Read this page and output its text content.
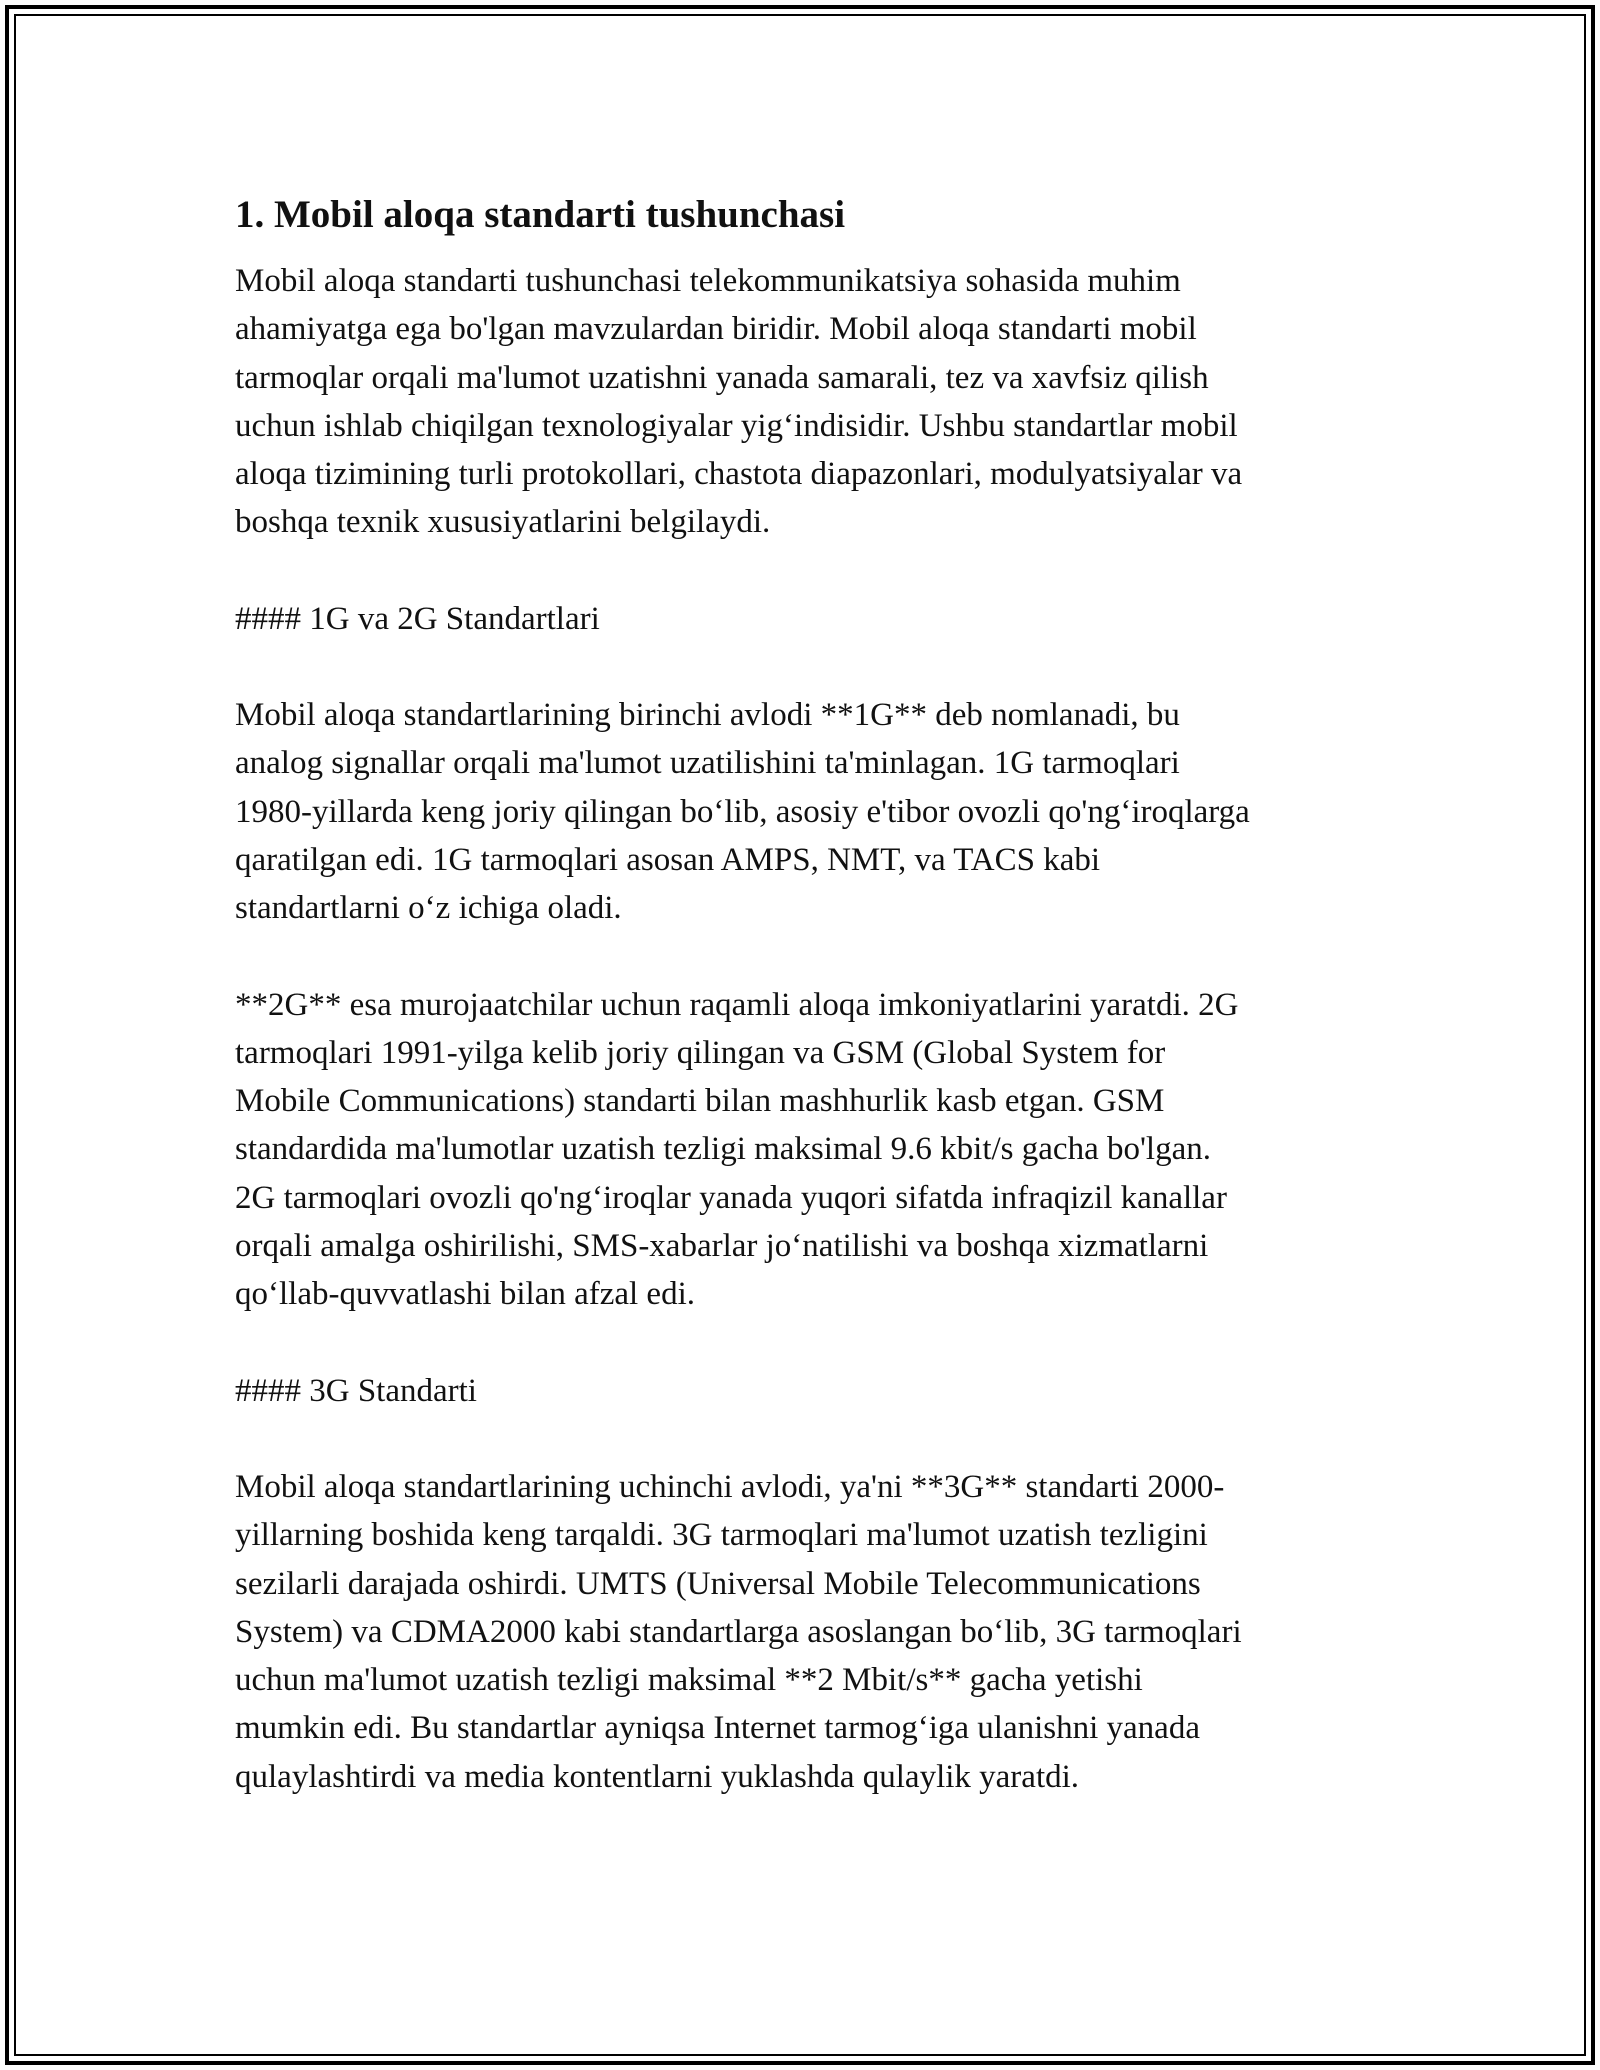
1. Mobil aloqa standarti tushunchasi
Mobil aloqa standarti tushunchasi telekommunikatsiya sohasida muhim
ahamiyatga ega bo'lgan mavzulardan biridir. Mobil aloqa standarti mobil
tarmoqlar orqali ma'lumot uzatishni yanada samarali, tez va xavfsiz qilish
uchun ishlab chiqilgan texnologiyalar yig‘indisidir. Ushbu standartlar mobil
aloqa tizimining turli protokollari, chastota diapazonlari, modulyatsiyalar va
boshqa texnik xususiyatlarini belgilaydi.
#### 1G va 2G Standartlari
Mobil aloqa standartlarining birinchi avlodi **1G** deb nomlanadi, bu
analog signallar orqali ma'lumot uzatilishini ta'minlagan. 1G tarmoqlari
1980-yillarda keng joriy qilingan bo‘lib, asosiy e'tibor ovozli qo'ng‘iroqlarga
qaratilgan edi. 1G tarmoqlari asosan AMPS, NMT, va TACS kabi
standartlarni o‘z ichiga oladi.
**2G** esa murojaatchilar uchun raqamli aloqa imkoniyatlarini yaratdi. 2G
tarmoqlari 1991-yilga kelib joriy qilingan va GSM (Global System for
Mobile Communications) standarti bilan mashhurlik kasb etgan. GSM
standardida ma'lumotlar uzatish tezligi maksimal 9.6 kbit/s gacha bo'lgan.
2G tarmoqlari ovozli qo'ng‘iroqlar yanada yuqori sifatda infraqizil kanallar
orqali amalga oshirilishi, SMS-xabarlar jo‘natilishi va boshqa xizmatlarni
qo‘llab-quvvatlashi bilan afzal edi.
#### 3G Standarti
Mobil aloqa standartlarining uchinchi avlodi, ya'ni **3G** standarti 2000-
yillarning boshida keng tarqaldi. 3G tarmoqlari ma'lumot uzatish tezligini
sezilarli darajada oshirdi. UMTS (Universal Mobile Telecommunications
System) va CDMA2000 kabi standartlarga asoslangan bo‘lib, 3G tarmoqlari
uchun ma'lumot uzatish tezligi maksimal **2 Mbit/s** gacha yetishi
mumkin edi. Bu standartlar ayniqsa Internet tarmog‘iga ulanishni yanada
qulaylashtirdi va media kontentlarni yuklashda qulaylik yaratdi.
